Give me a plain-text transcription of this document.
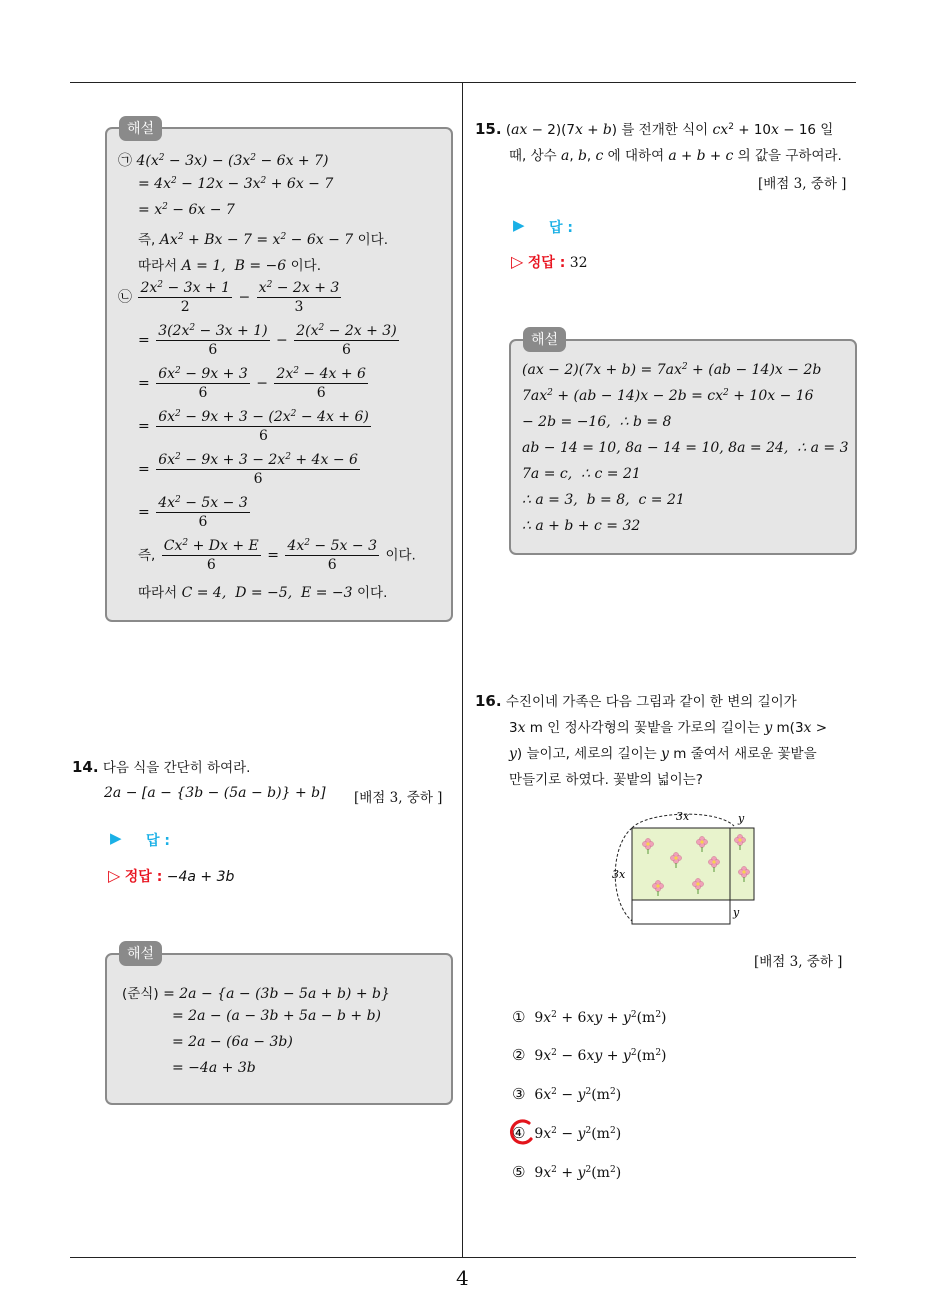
해설
㉠ $4(x^2 - 3x) - (3x^2 - 6x + 7)$
= $4x^2 - 12x - 3x^2 + 6x - 7$
= $x^2 - 6x - 7$
즉, $Ax^2 + Bx - 7 = x^2 - 6x - 7$ 이다.
따라서 A = 1,  B = −6 이다.
㉡ $\frac{2x^2 - 3x + 1}{2} - \frac{x^2 - 2x + 3}{3}$
= $\frac{3(2x^2 - 3x + 1)}{6} - \frac{2(x^2 - 2x + 3)}{6}$
= $\frac{6x^2 - 9x + 3}{6} - \frac{2x^2 - 4x + 6}{6}$
= $\frac{6x^2 - 9x + 3 - (2x^2 - 4x + 6)}{6}$
= $\frac{6x^2 - 9x + 3 - 2x^2 + 4x - 6}{6}$
= $\frac{4x^2 - 5x - 3}{6}$
즉, $\frac{Cx^2 + Dx + E}{6} = \frac{4x^2 - 5x - 3}{6}$ 이다.
따라서 C = 4,  D = −5,  E = −3 이다.
14. 다음 식을 간단히 하여라.
2a − [a − {3b − (5a − b)} + b] [배점 3, 중하 ]
▶ 답 :
▷ 정답 : −4a + 3b
해설
(준식) = 2a − {a − (3b − 5a + b) + b}
= 2a − (a − 3b + 5a − b + b)
= 2a − (6a − 3b)
= −4a + 3b
15. (ax − 2)(7x + b) 를 전개한 식이 $cx^2 + 10x - 16$ 일
때, 상수 a, b, c 에 대하여 a + b + c 의 값을 구하여라.
[배점 3, 중하 ]
▶ 답 :
▷ 정답 : 32
해설
$(ax - 2)(7x + b) = 7ax^2 + (ab - 14)x - 2b$
$7ax^2 + (ab - 14)x - 2b = cx^2 + 10x - 16$
− 2b = −16,  ∴ b = 8
ab − 14 = 10, 8a − 14 = 10, 8a = 24,  ∴ a = 3
7a = c,  ∴ c = 21
∴ a = 3,  b = 8,  c = 21
∴ a + b + c = 32
16. 수진이네 가족은 다음 그림과 같이 한 변의 길이가
3x m 인 정사각형의 꽃밭을 가로의 길이는 y m(3x >
y) 늘이고, 세로의 길이는 y m 줄여서 새로운 꽃밭을
만들기로 하였다. 꽃밭의 넓이는?
3x	y
3x
y
[배점 3, 중하 ]
①  $9x^2 + 6xy + y^2(m^2)$
②  $9x^2 - 6xy + y^2(m^2)$
③  $6x^2 - y^2(m^2)$
④  $9x^2 - y^2(m^2)$
⑤  $9x^2 + y^2(m^2)$
4
